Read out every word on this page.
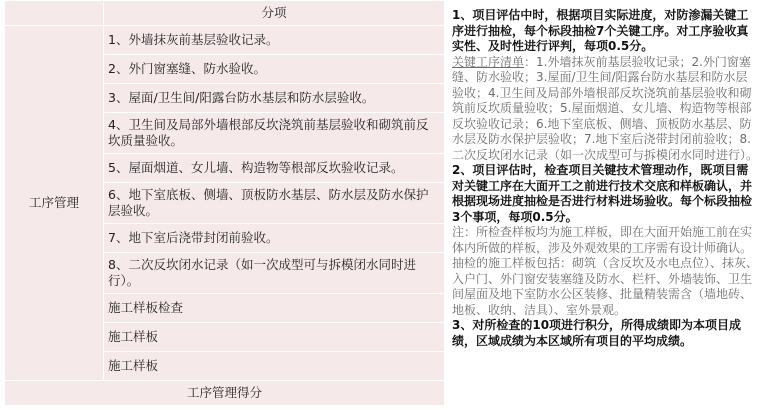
	分项
工序管理	1、外墙抹灰前基层验收记录。
	2、外门窗塞缝、防水验收。
	3、屋面/卫生间/阳露台防水基层和防水层验收。
	4、卫生间及局部外墙根部反坎浇筑前基层验收和砌筑前反坎质量验收。
	5、屋面烟道、女儿墙、构造物等根部反坎验收记录。
	6、地下室底板、侧墙、顶板防水基层、防水层及防水保护层验收。
	7、地下室后浇带封闭前验收。
	8、二次反坎闭水记录（如一次成型可与拆模闭水同时进行）。
	施工样板检查
	施工样板
	施工样板
工序管理得分	

1、项目评估中时，根据项目实际进度，对防渗漏关键工序进行抽检，每个标段抽检7个关键工序。对工序验收真实性、及时性进行评判，每项0.5分。

关键工序清单：1.外墙抹灰前基层验收记录；2.外门窗塞缝、防水验收；3.屋面/卫生间/阳露台防水基层和防水层验收；4.卫生间及局部外墙根部反坎浇筑前基层验收和砌筑前反坎质量验收；5.屋面烟道、女儿墙、构造物等根部反坎验收记录；6.地下室底板、侧墙、顶板防水基层、防水层及防水保护层验收；7.地下室后浇带封闭前验收；8.二次反坎闭水记录（如一次成型可与拆模闭水同时进行）。

2、项目评估时，检查项目关键技术管理动作，既项目需对关键工序在大面开工之前进行技术交底和样板确认，并根据现场进度抽检是否进行材料进场验收。每个标段抽检3个事项，每项0.5分。

注：所检查样板均为施工样板，即在大面开始施工前在实体内所做的样板，涉及外观效果的工序需有设计师确认。抽检的施工样板包括：砌筑（含反坎及水电点位）、抹灰、入户门、外门窗安装塞缝及防水、栏杆、外墙装饰、卫生间屋面及地下室防水公区装修、批量精装需含（墙地砖、地板、收纳、洁具）、室外景观。

3、对所检查的10项进行积分，所得成绩即为本项目成绩，区域成绩为本区域所有项目的平均成绩。
